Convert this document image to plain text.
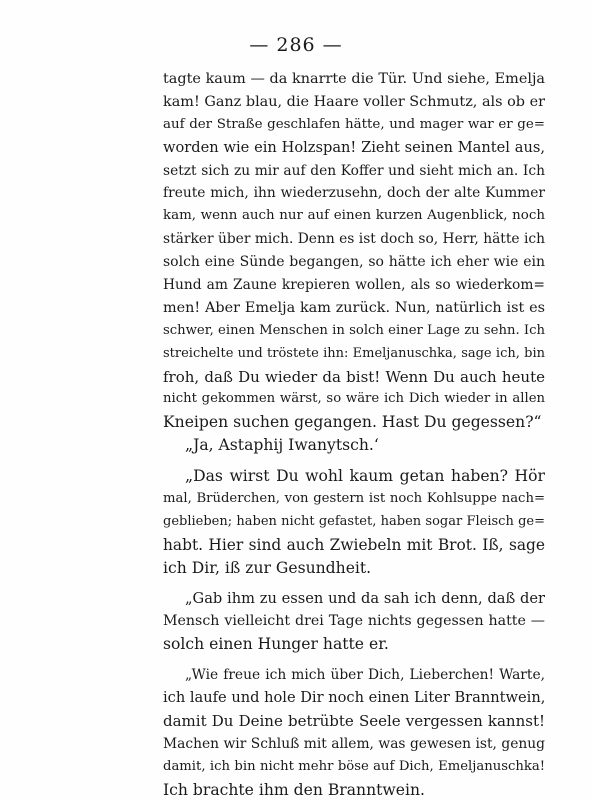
— 286 —
tagte kaum — da knarrte die Tür. Und siehe, Emelja
kam! Ganz blau, die Haare voller Schmutz, als ob er
auf der Straße geschlafen hätte, und mager war er ge=
worden wie ein Holzspan! Zieht seinen Mantel aus,
setzt sich zu mir auf den Koffer und sieht mich an. Ich
freute mich, ihn wiederzusehn, doch der alte Kummer
kam, wenn auch nur auf einen kurzen Augenblick, noch
stärker über mich. Denn es ist doch so, Herr, hätte ich
solch eine Sünde begangen, so hätte ich eher wie ein
Hund am Zaune krepieren wollen, als so wiederkom=
men! Aber Emelja kam zurück. Nun, natürlich ist es
schwer, einen Menschen in solch einer Lage zu sehn. Ich
streichelte und tröstete ihn: Emeljanuschka, sage ich, bin
froh, daß Du wieder da bist! Wenn Du auch heute
nicht gekommen wärst, so wäre ich Dich wieder in allen
Kneipen suchen gegangen. Hast Du gegessen?“
„Ja, Astaphij Iwanytsch.‘
„Das wirst Du wohl kaum getan haben? Hör
mal, Brüderchen, von gestern ist noch Kohlsuppe nach=
geblieben; haben nicht gefastet, haben sogar Fleisch ge=
habt. Hier sind auch Zwiebeln mit Brot. Iß, sage
ich Dir, iß zur Gesundheit.
„Gab ihm zu essen und da sah ich denn, daß der
Mensch vielleicht drei Tage nichts gegessen hatte —
solch einen Hunger hatte er.
„Wie freue ich mich über Dich, Lieberchen! Warte,
ich laufe und hole Dir noch einen Liter Branntwein,
damit Du Deine betrübte Seele vergessen kannst!
Machen wir Schluß mit allem, was gewesen ist, genug
damit, ich bin nicht mehr böse auf Dich, Emeljanuschka!
Ich brachte ihm den Branntwein.
